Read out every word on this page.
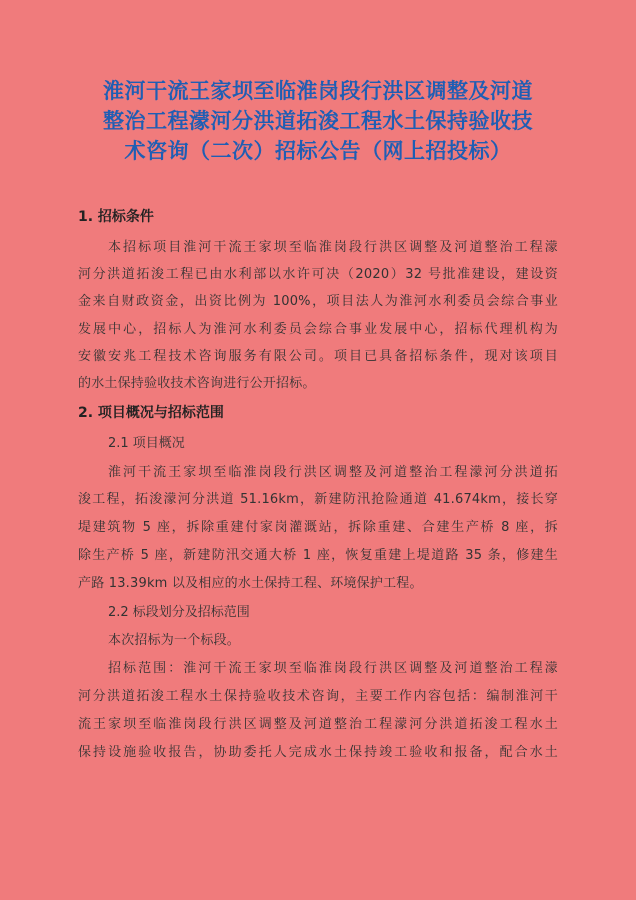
淮河干流王家坝至临淮岗段行洪区调整及河道
整治工程濛河分洪道拓浚工程水土保持验收技
术咨询（二次）招标公告（网上招投标）
1. 招标条件
本招标项目淮河干流王家坝至临淮岗段行洪区调整及河道整治工程濛
河分洪道拓浚工程已由水利部以水许可决（2020）32 号批准建设，建设资
金来自财政资金，出资比例为 100%，项目法人为淮河水利委员会综合事业
发展中心，招标人为淮河水利委员会综合事业发展中心，招标代理机构为
安徽安兆工程技术咨询服务有限公司。项目已具备招标条件，现对该项目
的水土保持验收技术咨询进行公开招标。
2. 项目概况与招标范围
2.1 项目概况
淮河干流王家坝至临淮岗段行洪区调整及河道整治工程濛河分洪道拓
浚工程，拓浚濛河分洪道 51.16km，新建防汛抢险通道 41.674km，接长穿
堤建筑物 5 座，拆除重建付家岗灌溉站，拆除重建、合建生产桥 8 座，拆
除生产桥 5 座，新建防汛交通大桥 1 座，恢复重建上堤道路 35 条，修建生
产路 13.39km 以及相应的水土保持工程、环境保护工程。
2.2 标段划分及招标范围
本次招标为一个标段。
招标范围：淮河干流王家坝至临淮岗段行洪区调整及河道整治工程濛
河分洪道拓浚工程水土保持验收技术咨询，主要工作内容包括：编制淮河干
流王家坝至临淮岗段行洪区调整及河道整治工程濛河分洪道拓浚工程水土
保持设施验收报告，协助委托人完成水土保持竣工验收和报备，配合水土
